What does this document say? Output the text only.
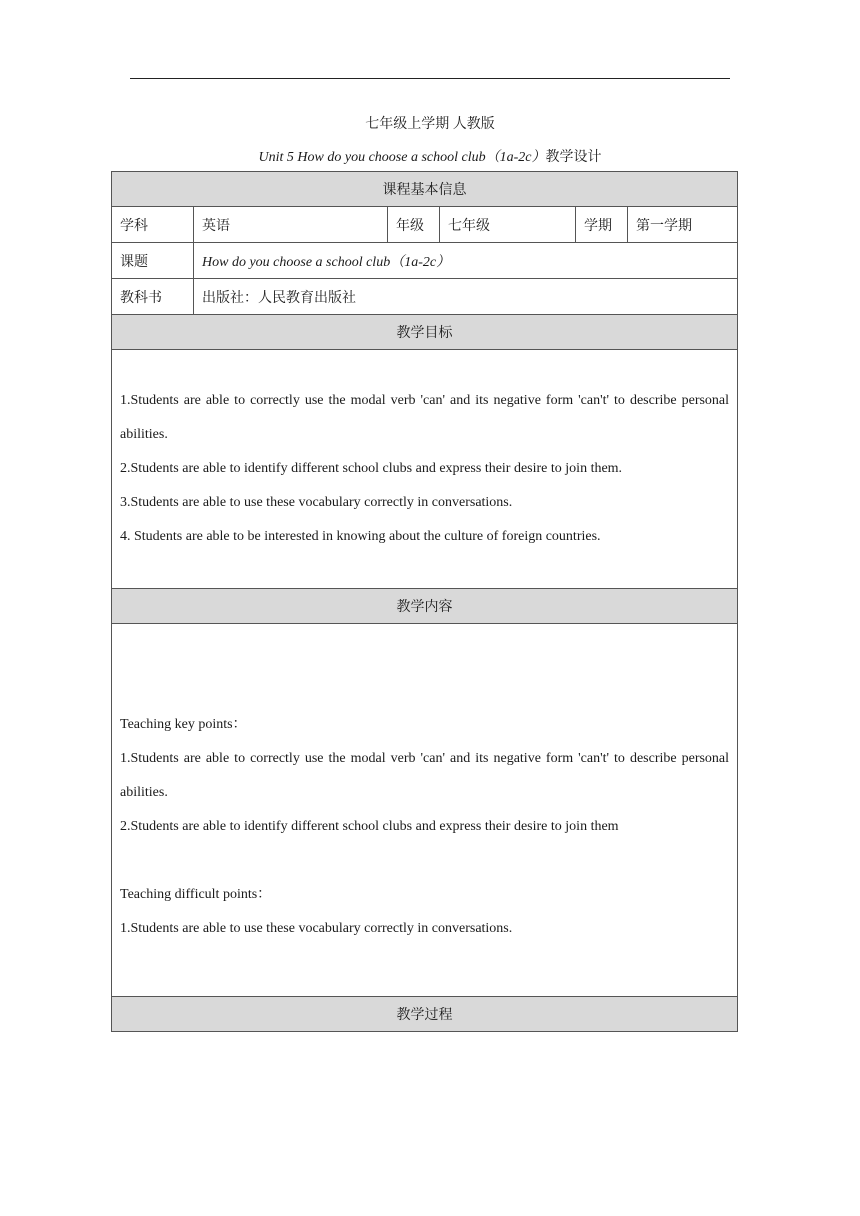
七年级上学期 人教版
Unit 5 How do you choose a school club（1a-2c）教学设计
课程基本信息					
学科	英语	年级	七年级	学期	第一学期
课题	How do you choose a school club（1a-2c）				
教科书	出版社：人民教育出版社				
教学目标					

1.Students are able to correctly use the modal verb 'can' and its negative form 'can't' to describe personal abilities.

2.Students are able to identify different school clubs and express their desire to join them.

3.Students are able to use these vocabulary correctly in conversations.

4. Students are able to be interested in knowing about the culture of foreign countries.					

教学内容					

Teaching key points：

1.Students are able to correctly use the modal verb 'can' and its negative form 'can't' to describe personal abilities.

2.Students are able to identify different school clubs and express their desire to join them

Teaching difficult points：

1.Students are able to use these vocabulary correctly in conversations.					

教学过程					
